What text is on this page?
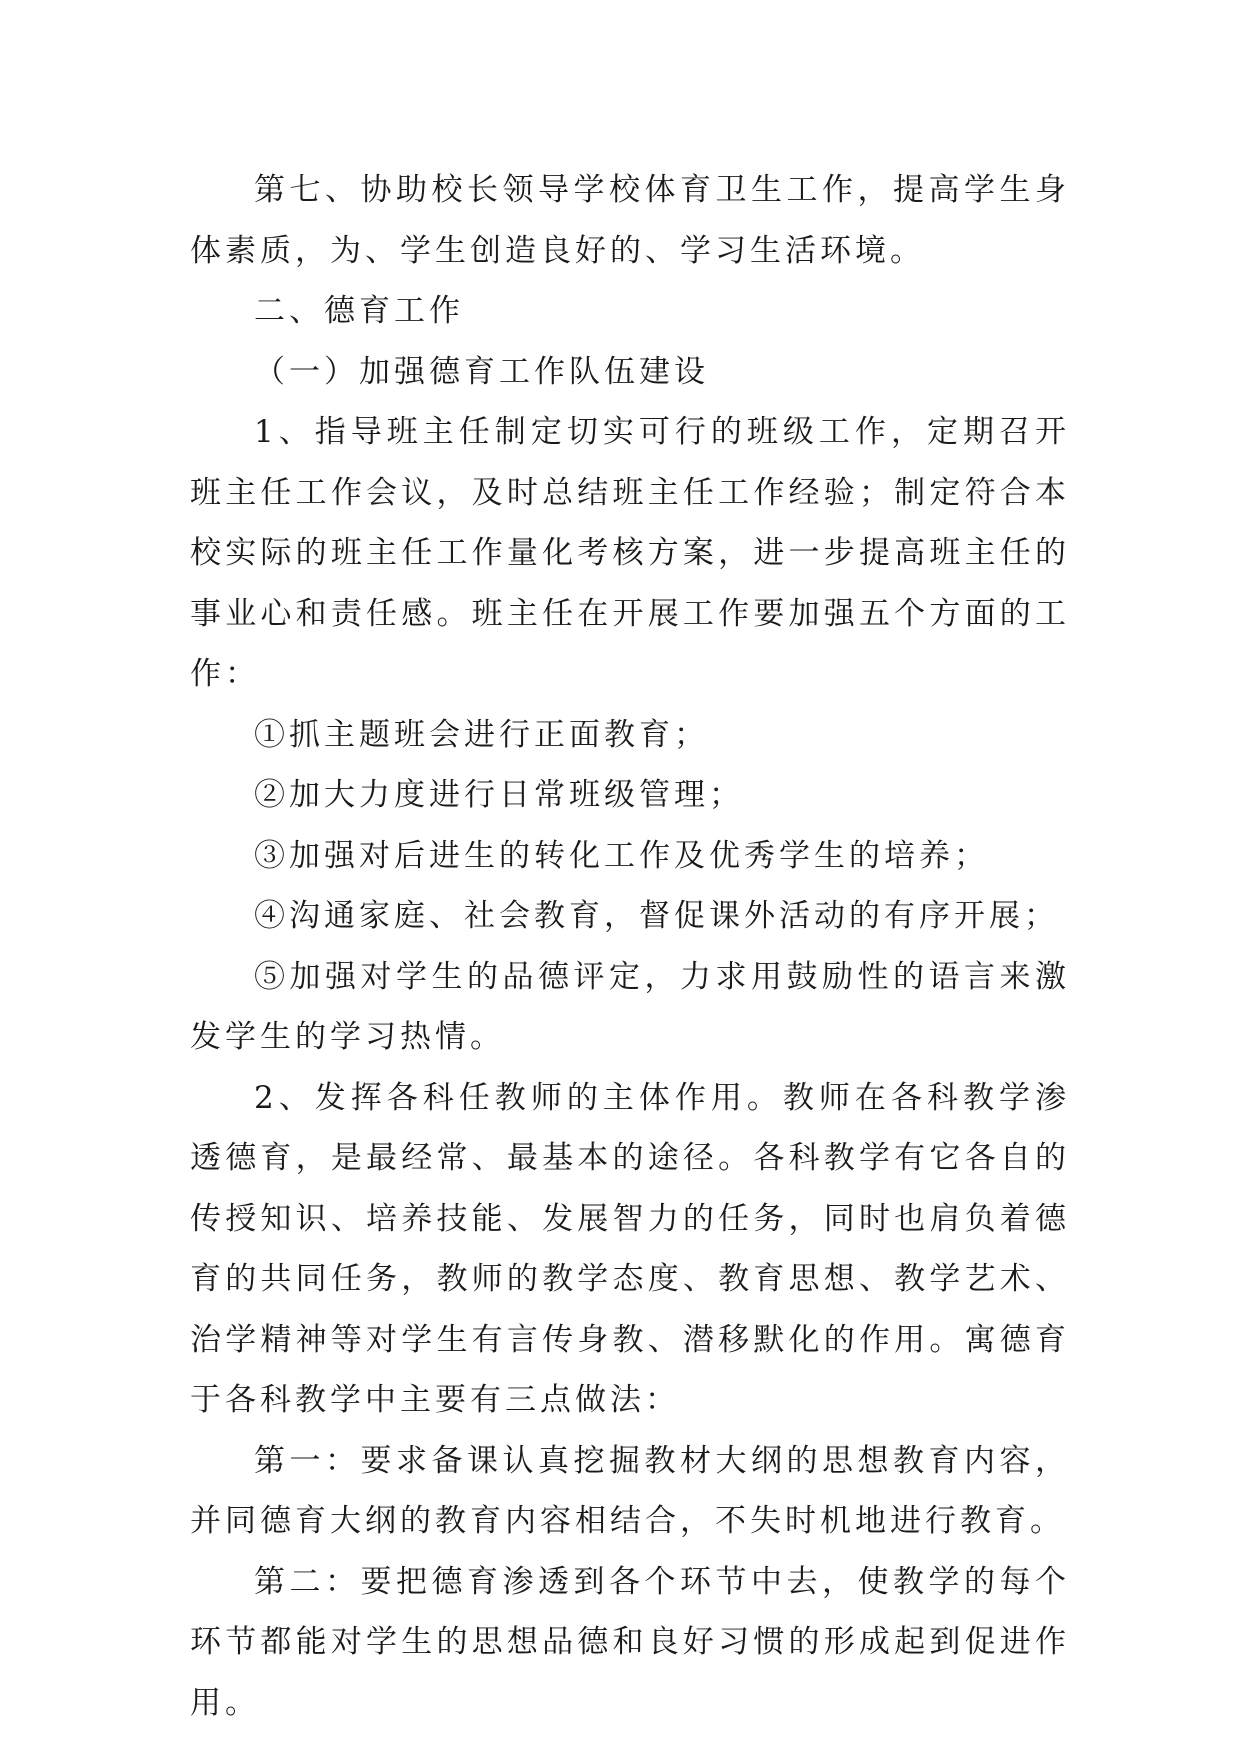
第七、协助校长领导学校体育卫生工作，提高学生身体素质，为、学生创造良好的、学习生活环境。

二、德育工作

（一）加强德育工作队伍建设

1、指导班主任制定切实可行的班级工作，定期召开班主任工作会议，及时总结班主任工作经验；制定符合本校实际的班主任工作量化考核方案，进一步提高班主任的事业心和责任感。班主任在开展工作要加强五个方面的工作：

①抓主题班会进行正面教育；

②加大力度进行日常班级管理；

③加强对后进生的转化工作及优秀学生的培养；

④沟通家庭、社会教育，督促课外活动的有序开展；

⑤加强对学生的品德评定，力求用鼓励性的语言来激发学生的学习热情。

2、发挥各科任教师的主体作用。教师在各科教学渗透德育，是最经常、最基本的途径。各科教学有它各自的传授知识、培养技能、发展智力的任务，同时也肩负着德育的共同任务，教师的教学态度、教育思想、教学艺术、治学精神等对学生有言传身教、潜移默化的作用。寓德育于各科教学中主要有三点做法：

第一：要求备课认真挖掘教材大纲的思想教育内容，并同德育大纲的教育内容相结合，不失时机地进行教育。

第二：要把德育渗透到各个环节中去，使教学的每个环节都能对学生的思想品德和良好习惯的形成起到促进作用。
